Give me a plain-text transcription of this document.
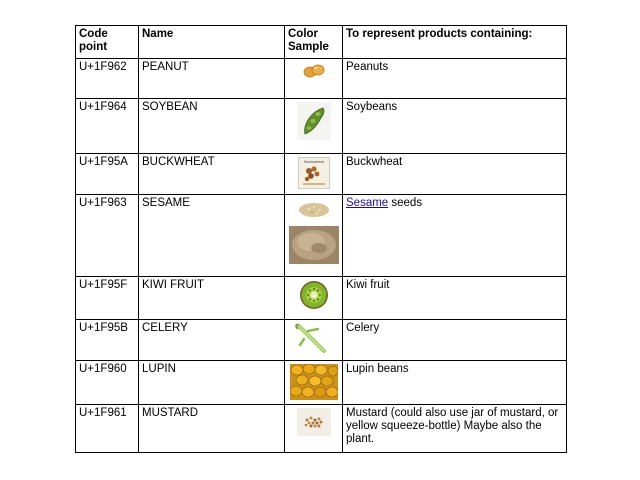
Code point	Name	Color Sample	To represent products containing:
U+1F962	PEANUT		Peanuts
U+1F964	SOYBEAN		Soybeans
U+1F95A	BUCKWHEAT	Buckwheat	Buckwheat
U+1F963	SESAME		Sesame seeds
U+1F95F	KIWI FRUIT		Kiwi fruit
U+1F95B	CELERY		Celery
U+1F960	LUPIN		Lupin beans
U+1F961	MUSTARD		Mustard (could also use jar of mustard, or yellow squeeze-bottle) Maybe also the plant.
